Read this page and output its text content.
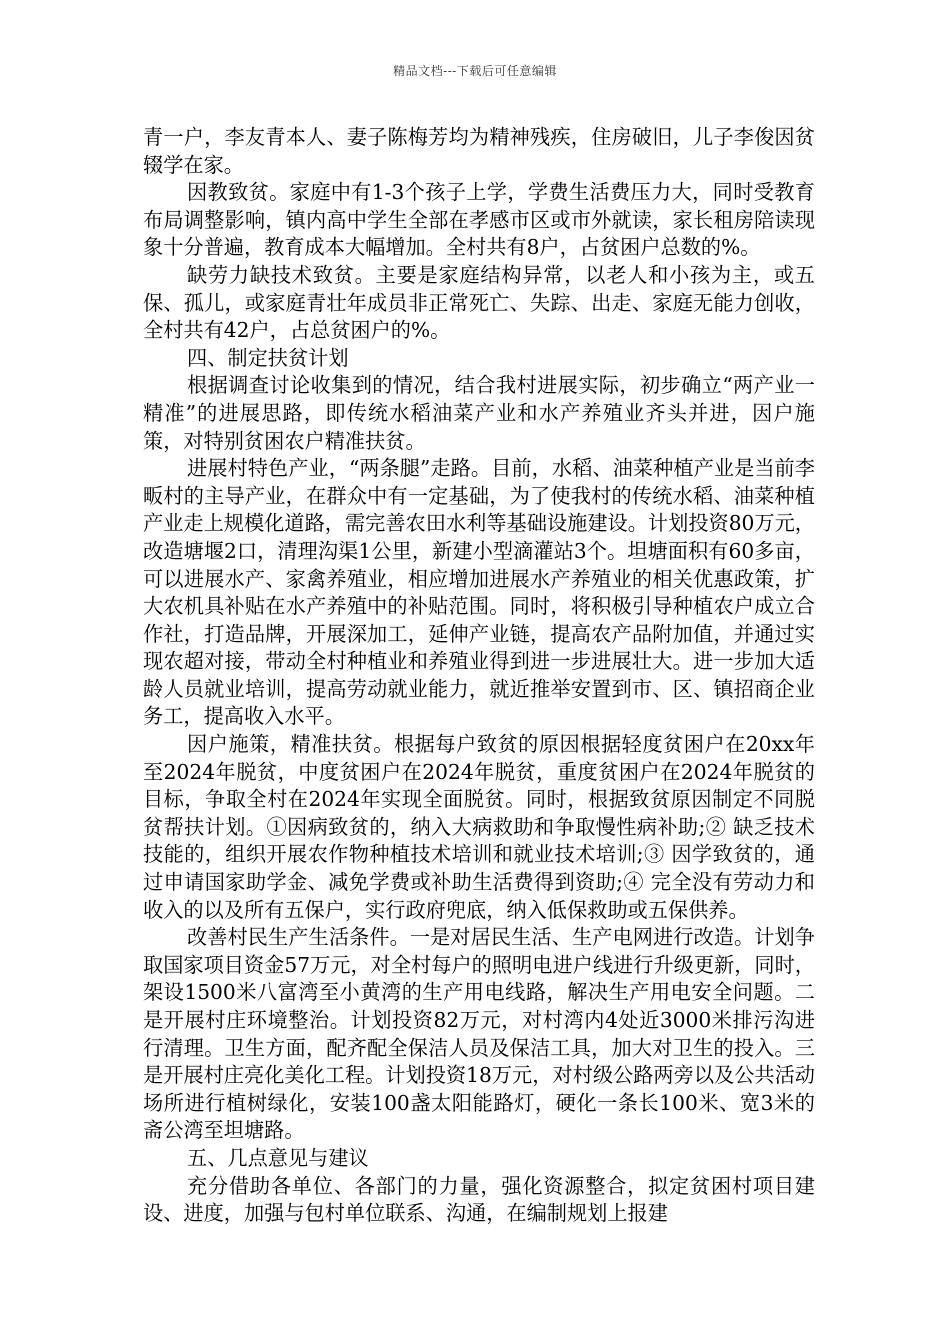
精品文档---下载后可任意编辑

青一户，李友青本人、妻子陈梅芳均为精神残疾，住房破旧，儿子李俊因贫辍学在家。

因教致贫。家庭中有1-3个孩子上学，学费生活费压力大，同时受教育布局调整影响，镇内高中学生全部在孝感市区或市外就读，家长租房陪读现象十分普遍，教育成本大幅增加。全村共有8户，占贫困户总数的%。

缺劳力缺技术致贫。主要是家庭结构异常，以老人和小孩为主，或五保、孤儿，或家庭青壮年成员非正常死亡、失踪、出走、家庭无能力创收，全村共有42户，占总贫困户的%。

四、制定扶贫计划

根据调查讨论收集到的情况，结合我村进展实际，初步确立“两产业一精准”的进展思路，即传统水稻油菜产业和水产养殖业齐头并进，因户施策，对特别贫困农户精准扶贫。

进展村特色产业，“两条腿”走路。目前，水稻、油菜种植产业是当前李畈村的主导产业，在群众中有一定基础，为了使我村的传统水稻、油菜种植产业走上规模化道路，需完善农田水利等基础设施建设。计划投资80万元，改造塘堰2口，清理沟渠1公里，新建小型滴灌站3个。坦塘面积有60多亩，可以进展水产、家禽养殖业，相应增加进展水产养殖业的相关优惠政策，扩大农机具补贴在水产养殖中的补贴范围。同时，将积极引导种植农户成立合作社，打造品牌，开展深加工，延伸产业链，提高农产品附加值，并通过实现农超对接，带动全村种植业和养殖业得到进一步进展壮大。进一步加大适龄人员就业培训，提高劳动就业能力，就近推举安置到市、区、镇招商企业务工，提高收入水平。

因户施策，精准扶贫。根据每户致贫的原因根据轻度贫困户在20xx年至2024年脱贫，中度贫困户在2024年脱贫，重度贫困户在2024年脱贫的目标，争取全村在2024年实现全面脱贫。同时，根据致贫原因制定不同脱贫帮扶计划。①因病致贫的，纳入大病救助和争取慢性病补助;② 缺乏技术技能的，组织开展农作物种植技术培训和就业技术培训;③ 因学致贫的，通过申请国家助学金、减免学费或补助生活费得到资助;④ 完全没有劳动力和收入的以及所有五保户，实行政府兜底，纳入低保救助或五保供养。

改善村民生产生活条件。一是对居民生活、生产电网进行改造。计划争取国家项目资金57万元，对全村每户的照明电进户线进行升级更新，同时，架设1500米八富湾至小黄湾的生产用电线路，解决生产用电安全问题。二是开展村庄环境整治。计划投资82万元，对村湾内4处近3000米排污沟进行清理。卫生方面，配齐配全保洁人员及保洁工具，加大对卫生的投入。三是开展村庄亮化美化工程。计划投资18万元，对村级公路两旁以及公共活动场所进行植树绿化，安装100盏太阳能路灯，硬化一条长100米、宽3米的斋公湾至坦塘路。

五、几点意见与建议

充分借助各单位、各部门的力量，强化资源整合，拟定贫困村项目建设、进度，加强与包村单位联系、沟通，在编制规划上报建
